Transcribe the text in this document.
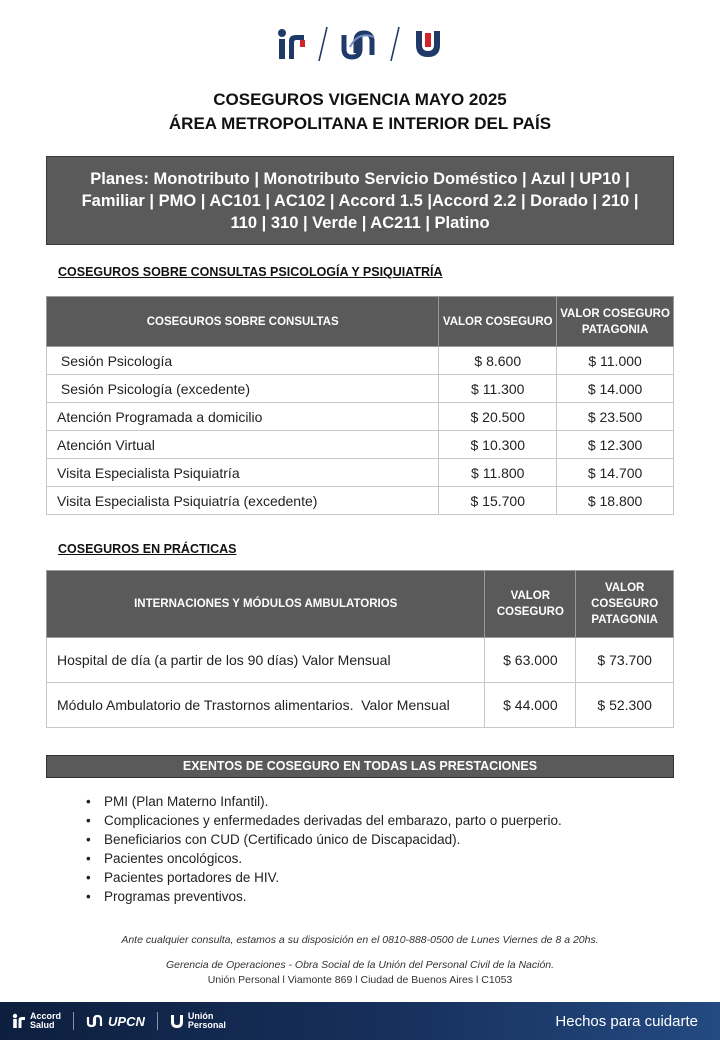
COSEGUROS VIGENCIA MAYO 2025
ÁREA METROPOLITANA E INTERIOR DEL PAÍS
Planes: Monotributo | Monotributo Servicio Doméstico | Azul | UP10 |
Familiar | PMO | AC101 | AC102 | Accord 1.5 |Accord 2.2 | Dorado | 210 |
110 | 310 | Verde | AC211 | Platino
COSEGUROS SOBRE CONSULTAS PSICOLOGÍA Y PSIQUIATRÍA
COSEGUROS SOBRE CONSULTAS	VALOR COSEGURO	VALOR COSEGURO PATAGONIA
Sesión Psicología	$ 8.600	$ 11.000
Sesión Psicología (excedente)	$ 11.300	$ 14.000
Atención Programada a domicilio	$ 20.500	$ 23.500
Atención Virtual	$ 10.300	$ 12.300
Visita Especialista Psiquiatría	$ 11.800	$ 14.700
Visita Especialista Psiquiatría (excedente)	$ 15.700	$ 18.800
COSEGUROS EN PRÁCTICAS
INTERNACIONES Y MÓDULOS AMBULATORIOS	VALOR COSEGURO	VALOR COSEGURO PATAGONIA
Hospital de día (a partir de los 90 días) Valor Mensual	$ 63.000	$ 73.700
Módulo Ambulatorio de Trastornos alimentarios.  Valor Mensual	$ 44.000	$ 52.300
EXENTOS DE COSEGURO EN TODAS LAS PRESTACIONES
• PMI (Plan Materno Infantil).
• Complicaciones y enfermedades derivadas del embarazo, parto o puerperio.
• Beneficiarios con CUD (Certificado único de Discapacidad).
• Pacientes oncológicos.
• Pacientes portadores de HIV.
• Programas preventivos.
Ante cualquier consulta, estamos a su disposición en el 0810-888-0500 de Lunes Viernes de 8 a 20hs.
Gerencia de Operaciones - Obra Social de la Unión del Personal Civil de la Nación.
Unión Personal l Viamonte 869 l Ciudad de Buenos Aires l C1053
Accord
Salud	UPCN	Unión
Personal	Hechos para cuidarte
